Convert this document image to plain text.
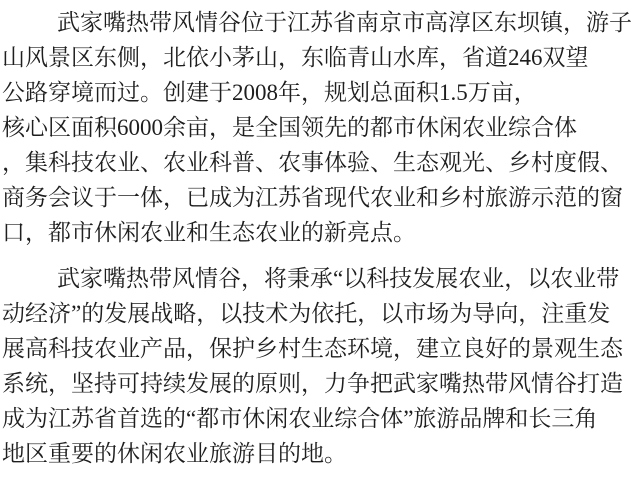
武家嘴热带风情谷位于江苏省南京市高淳区东坝镇，游子
山风景区东侧，北依小茅山，东临青山水库，省道246双望
公路穿境而过。创建于2008年，规划总面积1.5万亩，
核心区面积6000余亩，是全国领先的都市休闲农业综合体
，集科技农业、农业科普、农事体验、生态观光、乡村度假、
商务会议于一体，已成为江苏省现代农业和乡村旅游示范的窗
口，都市休闲农业和生态农业的新亮点。
武家嘴热带风情谷，将秉承“以科技发展农业，以农业带
动经济”的发展战略，以技术为依托，以市场为导向，注重发
展高科技农业产品，保护乡村生态环境，建立良好的景观生态
系统，坚持可持续发展的原则，力争把武家嘴热带风情谷打造
成为江苏省首选的“都市休闲农业综合体”旅游品牌和长三角
地区重要的休闲农业旅游目的地。
